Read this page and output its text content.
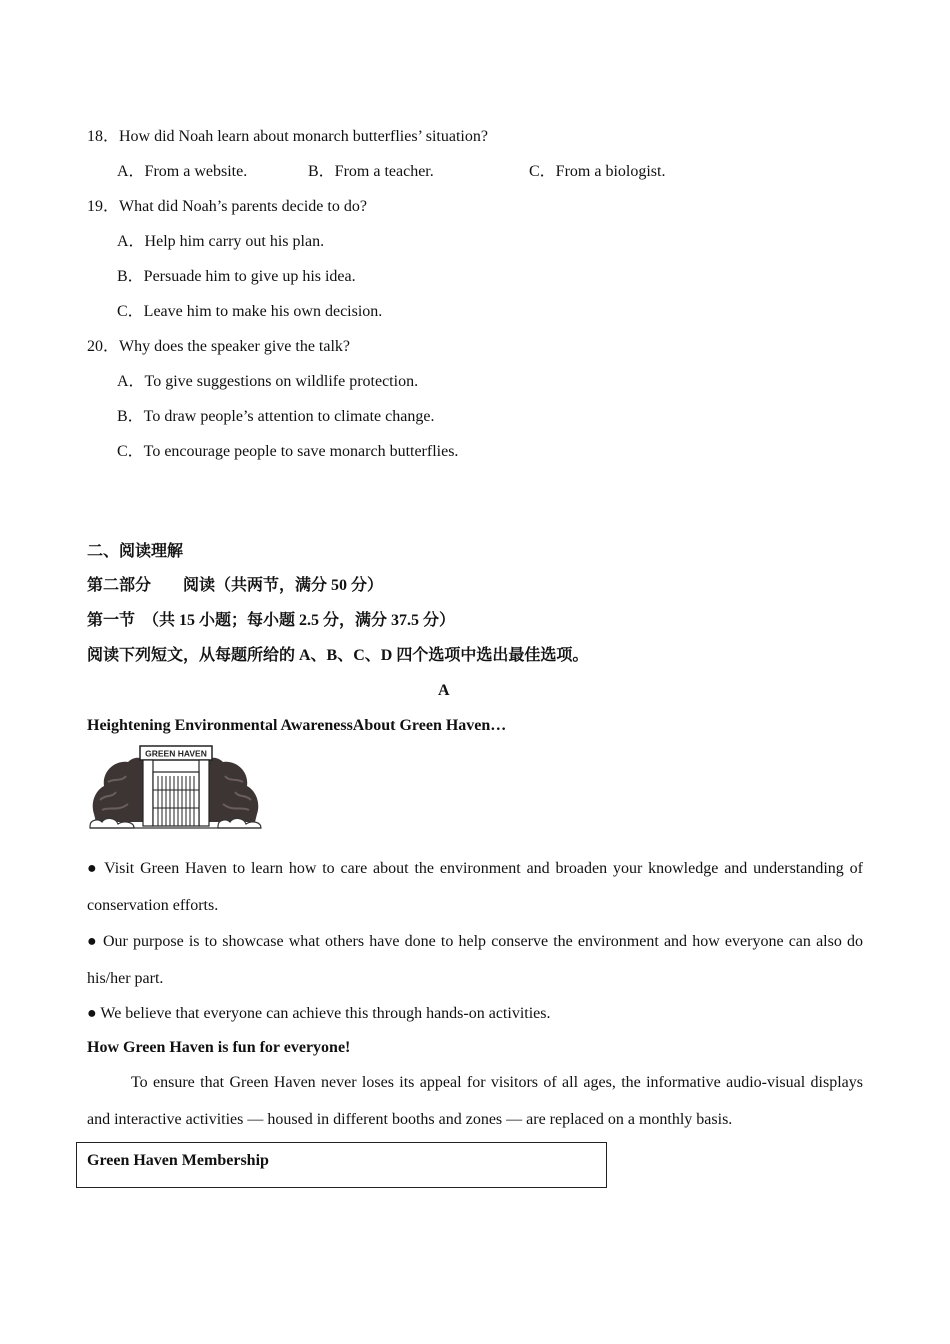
18．How did Noah learn about monarch butterflies’ situation?
A．From a website.	B．From a teacher.	C．From a biologist.
19．What did Noah’s parents decide to do?
A．Help him carry out his plan.
B．Persuade him to give up his idea.
C．Leave him to make his own decision.
20．Why does the speaker give the talk?
A．To give suggestions on wildlife protection.
B．To draw people’s attention to climate change.
C．To encourage people to save monarch butterflies.
二、阅读理解
第二部分　　阅读（共两节，满分 50 分）
第一节　（共 15 小题；每小题 2.5 分，满分 37.5 分）
阅读下列短文，从每题所给的 A、B、C、D 四个选项中选出最佳选项。
A
Heightening Environmental AwarenessAbout Green Haven…
GREEN HAVEN
● Visit Green Haven to learn how to care about the environment and broaden your knowledge and understanding of conservation efforts.
● Our purpose is to showcase what others have done to help conserve the environment and how everyone can also do his/her part.
● We believe that everyone can achieve this through hands-on activities.
How Green Haven is fun for everyone!
To ensure that Green Haven never loses its appeal for visitors of all ages, the informative audio-visual displays and interactive activities — housed in different booths and zones — are replaced on a monthly basis.
Green Haven Membership
